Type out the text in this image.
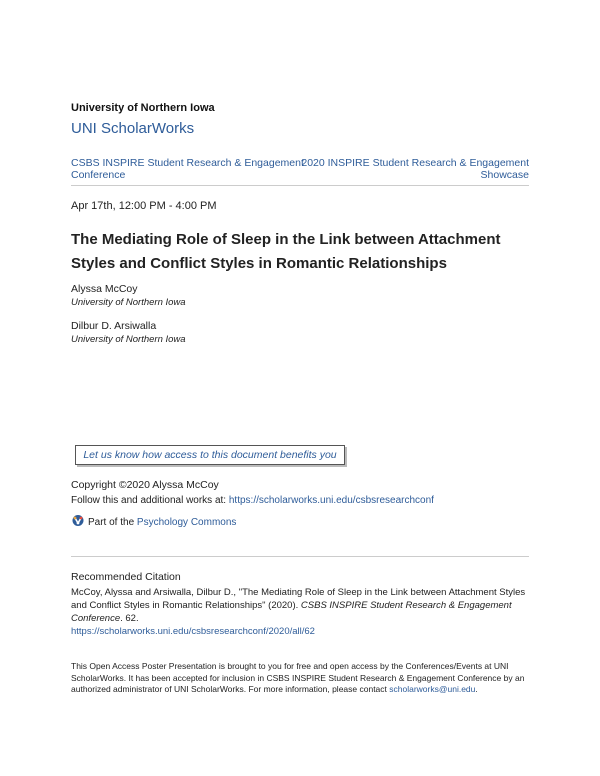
University of Northern Iowa
UNI ScholarWorks
CSBS INSPIRE Student Research & Engagement Conference
2020 INSPIRE Student Research & Engagement Showcase
Apr 17th, 12:00 PM - 4:00 PM
The Mediating Role of Sleep in the Link between Attachment Styles and Conflict Styles in Romantic Relationships
Alyssa McCoy
University of Northern Iowa
Dilbur D. Arsiwalla
University of Northern Iowa
Let us know how access to this document benefits you
Copyright ©2020 Alyssa McCoy
Follow this and additional works at: https://scholarworks.uni.edu/csbsresearchconf
Part of the Psychology Commons
Recommended Citation
McCoy, Alyssa and Arsiwalla, Dilbur D., "The Mediating Role of Sleep in the Link between Attachment Styles and Conflict Styles in Romantic Relationships" (2020). CSBS INSPIRE Student Research & Engagement Conference. 62.
https://scholarworks.uni.edu/csbsresearchconf/2020/all/62
This Open Access Poster Presentation is brought to you for free and open access by the Conferences/Events at UNI ScholarWorks. It has been accepted for inclusion in CSBS INSPIRE Student Research & Engagement Conference by an authorized administrator of UNI ScholarWorks. For more information, please contact scholarworks@uni.edu.
